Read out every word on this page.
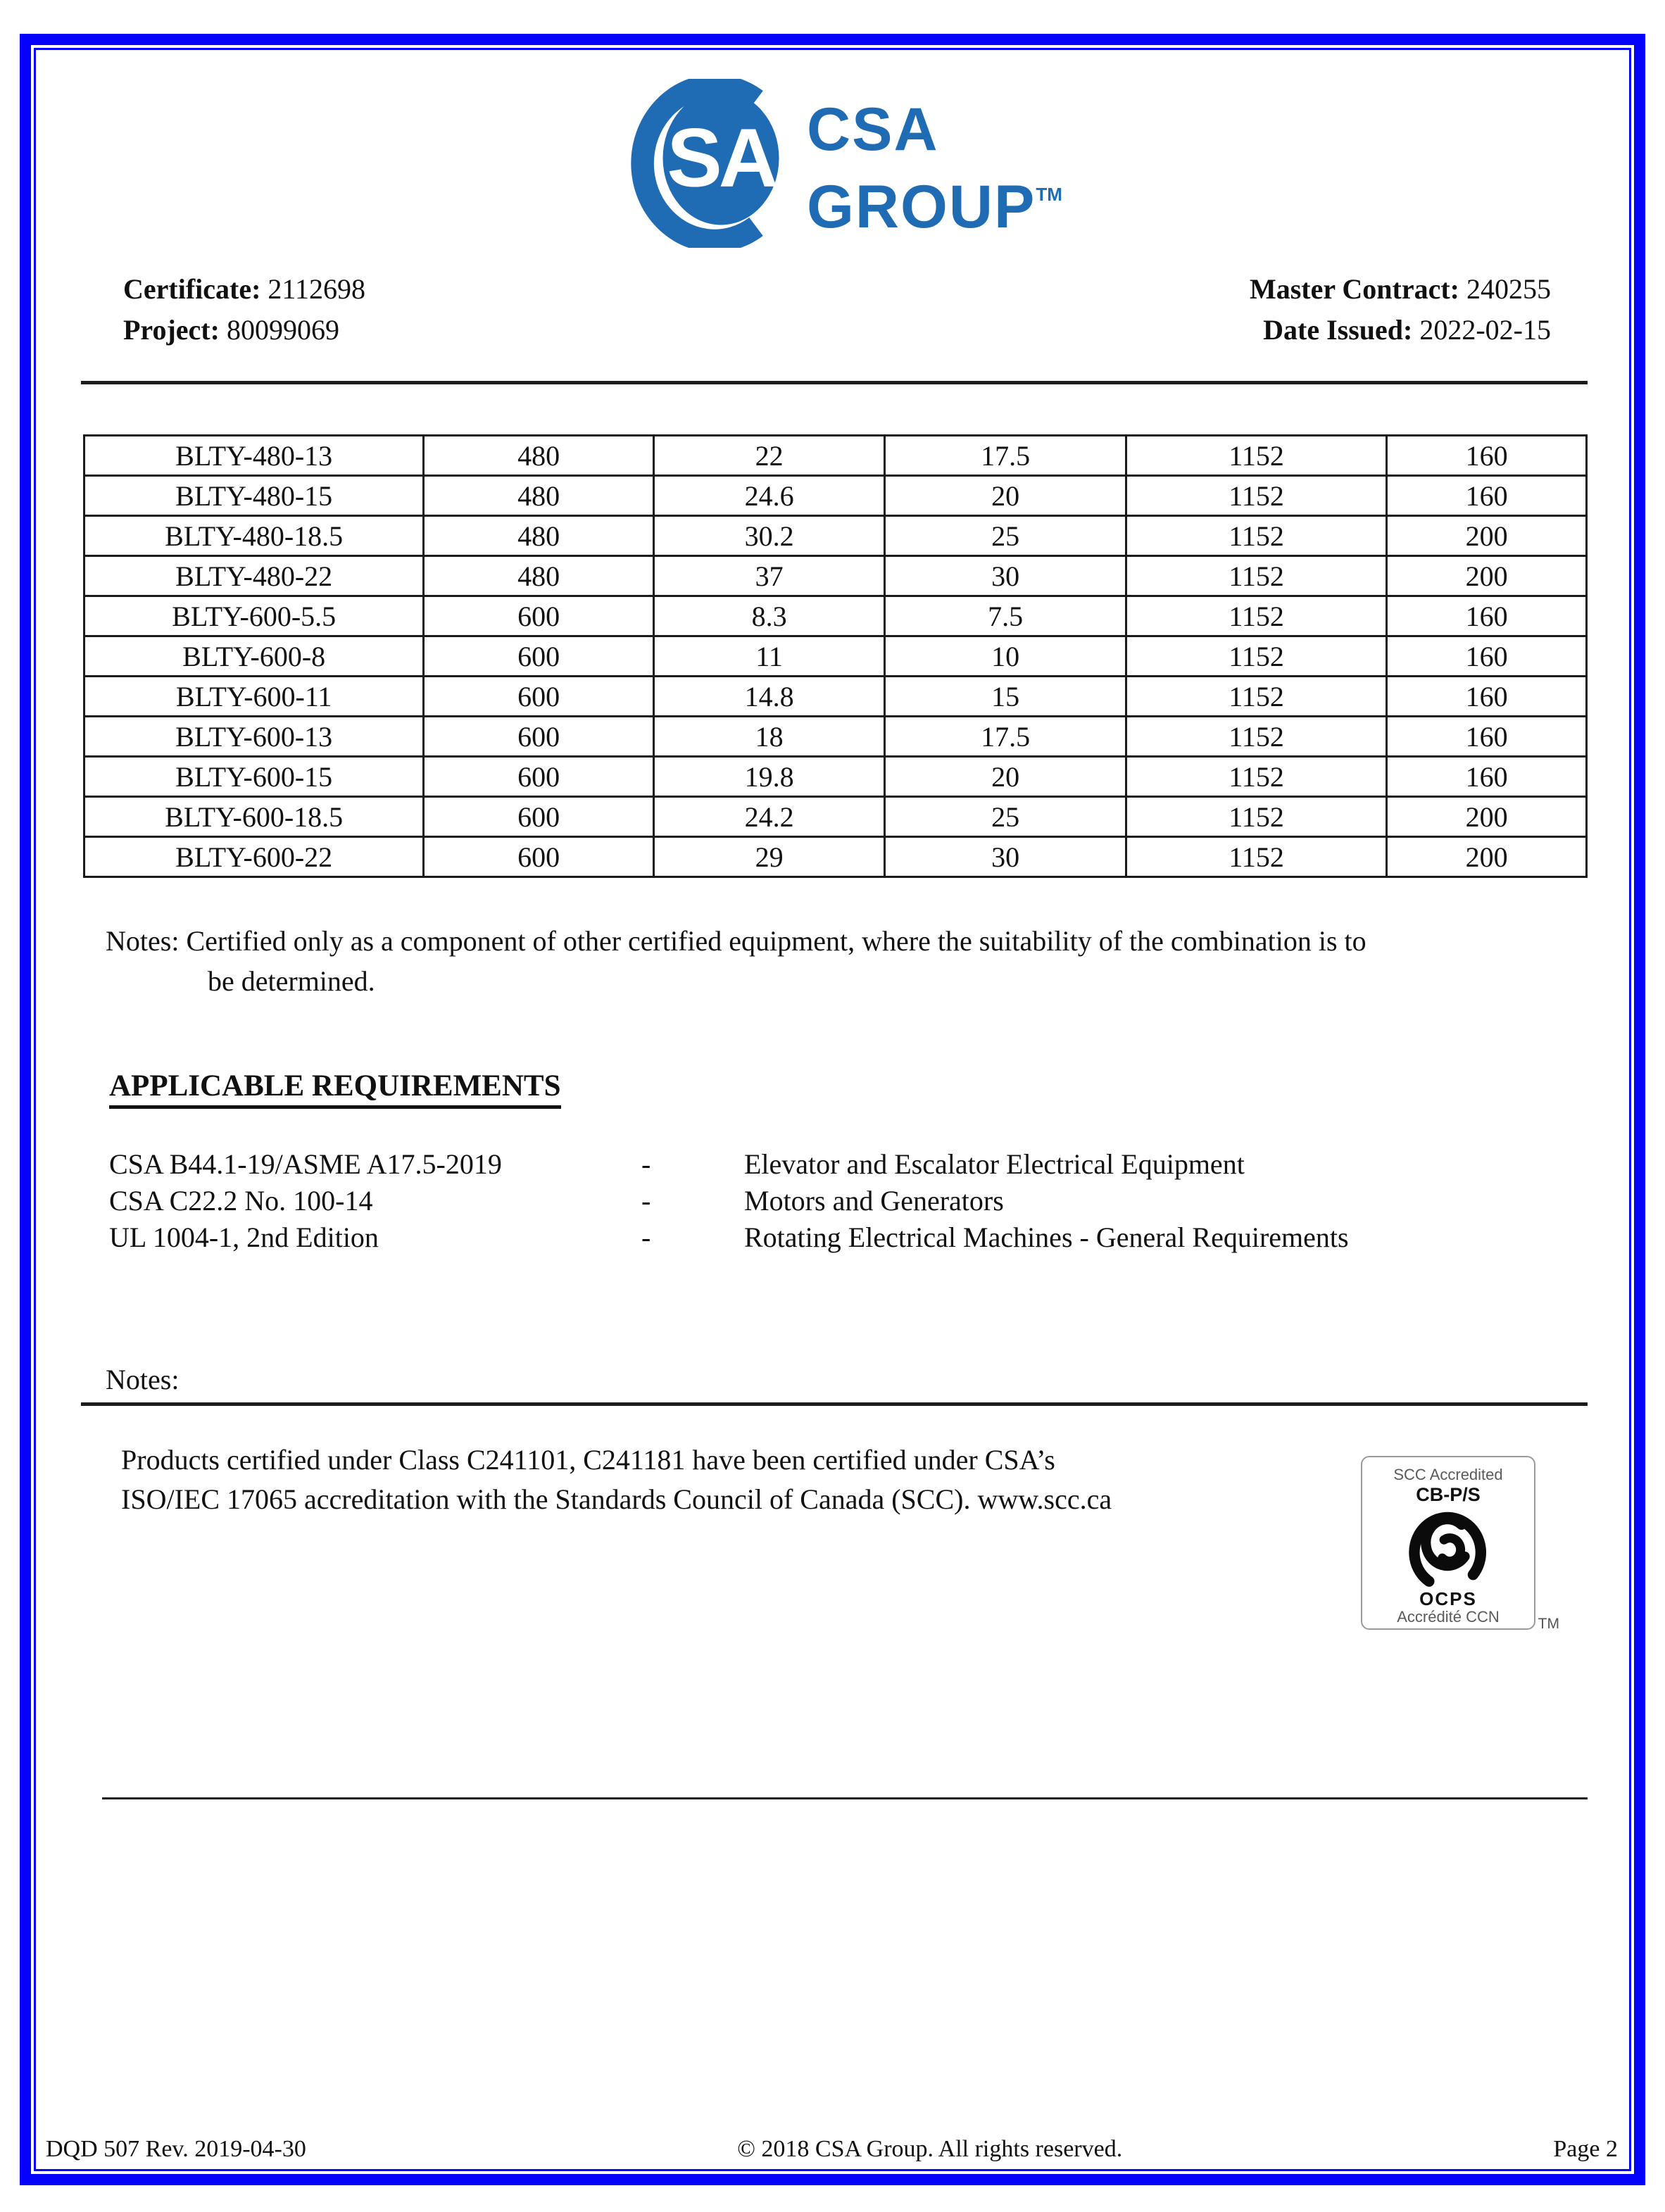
SA CSA
GROUP™
Certificate: 2112698
Project: 80099069
Master Contract: 240255
Date Issued: 2022-02-15
BLTY-480-13	480	22	17.5	1152	160
BLTY-480-15	480	24.6	20	1152	160
BLTY-480-18.5	480	30.2	25	1152	200
BLTY-480-22	480	37	30	1152	200
BLTY-600-5.5	600	8.3	7.5	1152	160
BLTY-600-8	600	11	10	1152	160
BLTY-600-11	600	14.8	15	1152	160
BLTY-600-13	600	18	17.5	1152	160
BLTY-600-15	600	19.8	20	1152	160
BLTY-600-18.5	600	24.2	25	1152	200
BLTY-600-22	600	29	30	1152	200
Notes: Certified only as a component of other certified equipment, where the suitability of the combination is to
be determined.
APPLICABLE REQUIREMENTS
CSA B44.1-19/ASME A17.5-2019	-	Elevator and Escalator Electrical Equipment
CSA C22.2 No. 100-14	-	Motors and Generators
UL 1004-1, 2nd Edition	-	Rotating Electrical Machines - General Requirements
Notes:
Products certified under Class C241101, C241181 have been certified under CSA’s
ISO/IEC 17065 accreditation with the Standards Council of Canada (SCC). www.scc.ca
SCC Accredited
CB-P/S
OCPS
Accrédité CCN	TM
DQD 507 Rev. 2019-04-30	© 2018 CSA Group. All rights reserved.	Page 2
